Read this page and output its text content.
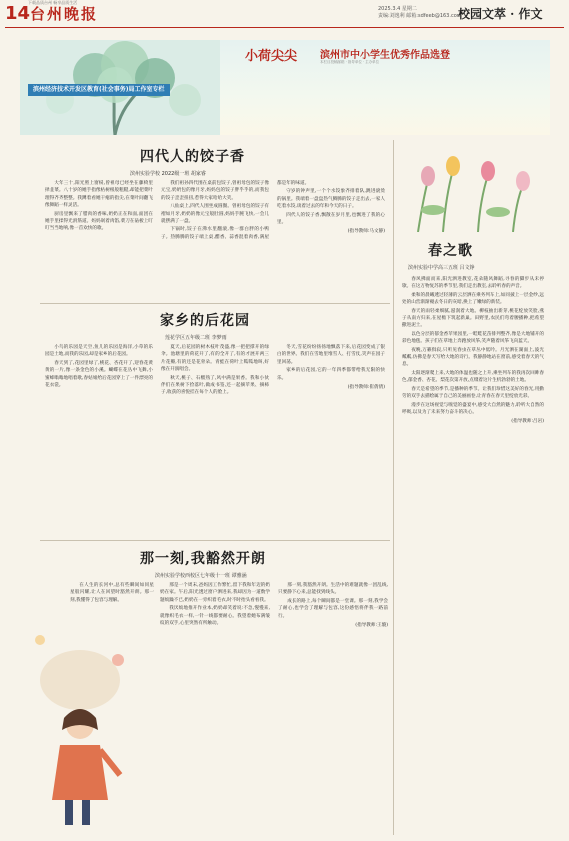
下载品质台州 畅享品质生活
14 台州晚报	2025.3.4 星期二
责编:刘逸利 邮箱:sdfeeb@163.com
校园文萃 · 作文
小荷尖尖 滨州市中小学生优秀作品选登
本栏目投稿邮箱 · 指导单位 · 主办单位
滨州经济技术开发区教育(社会事务)局工作室专栏
四代人的饺子香
滨州实验学校 2022级一班 胡家睿

大年三十,阳光照上窗棂,曾祖母已经坐在藤椅里择韭菜。八十岁的她手指像枯树根般粗糙,却能把菜叶理得齐齐整整。我蹲着看她干瘪的指尖,在菜叶间翻飞像舞蹈一样灵活。

厨房里飘来了腊肉的香味,奶奶正在和面,面团在她手里揉得光滑筋道。妈妈剁着肉馅,菜刀在砧板上叮叮当当地响,像一首欢快的歌。

我们祖孙四代围在桌前包饺子,曾祖母包的饺子像元宝,奶奶包的像月牙,妈妈包的饺子胖乎乎的,而我包的饺子歪歪扭扭,惹得大家哈哈大笑。

八仙桌上,四代人围坐成圆圈。曾祖母包的饺子有褶如月牙,奶奶的像元宝般肚圆,妈妈手腕飞快,一会儿就摆满了一盘。

下锅时,饺子在沸水里翻滚,像一群白胖的小鸭子。热腾腾的饺子端上桌,醋香、蒜香混着肉香,满屋都是年的味道。

守岁的钟声里,一个个水饺象齐排着队,跳进滚烫的锅里。我端着一盘盘热气腾腾的饺子走出去,一家人吃着水饺,谈着过去的年和今天的日子。

四代人的饺子香,飘散在岁月里,也飘进了我的心里。

(指导教师:马文静)
家乡的后花园
莲花学区五年级二班 李梦雨

小鸟的乐园是天空,鱼儿的乐园是海洋,小草的乐园是土地,而我的乐园,却是家乡的后花园。

春天到了,花园里绿了,桃花、杏花开了,迎春花黄黄的一片,像一条金色的小溪。蝴蝶在花丛中飞舞,小蜜蜂嗡嗡地唱着歌,春姑娘给后花园穿上了一件漂亮的花衣裳。

夏天,后花园的树木枝叶茂盛,像一把把撑开的绿伞。池塘里的荷花开了,有的全开了,有的才展开两三片花瓣,有的还是花骨朵。青蛙在荷叶上呱呱地叫,好像在开演唱会。

秋天,桃子、石榴熟了,风中满是果香。我和小伙伴们在果树下捡落叶,做成书签,还一起摘苹果、摘柿子,收获的喜悦挂在每个人的脸上。

冬天,雪花纷纷扬扬地飘落下来,后花园变成了银白的世界。我们在雪地里堆雪人、打雪仗,笑声在园子里回荡。

家乡的后花园,它的一年四季都带给我无限的快乐。

(指导教师:崔倩倩)
那一刻,我豁然开朗
滨州实验学校西校区七年级十一班 谭雅涵

在人生的长河中,总有些瞬间如同星星般闪耀,让人在回望时豁然开朗。那一刻,我懂得了包容与理解。

那是一个周末,爸妈因工作繁忙,留下我和年迈的奶奶在家。午后,阳光透过窗户洒进来,我却因为一道数学题烦躁不已,奶奶在一旁织着毛衣,时不时抬头看看我。

我厌烦地推开作业本,奶奶却笑着说:不急,慢慢来,就像织毛衣一样,一针一线都要耐心。我望着她布满皱纹的双手,心里突然有所触动。

那一刻,我豁然开朗。生活中的难题就像一团乱线,只要静下心来,总能找到线头。

成长的路上,每个瞬间都是一堂课。那一刻,我学会了耐心,也学会了理解与包容,这份感悟将伴我一路前行。

(指导教师:王璇)
春之歌
滨州实验中学高三五班 吕文铮

春风拂面而来,阳光洒进教室,花朵随风舞蹈,寻春的脚步从未停歇。在这万物复苏的季节里,我们走出教室,去聆听春的声音。

柔和的晨曦透过轻薄的云层洒在乘务列车上,如同披上一层金纱,远处的山峦渐渐褪去冬日的灰暗,换上了嫩绿的新装。

春天的雨轻柔细腻,滋润着大地。柳枝抽出新芽,桃花绽放笑脸,燕子从南方归来,在屋檐下筑起新巢。田野里,农民们弯着腰播种,把希望撒进泥土。

以色分层的郁金香苹果园里,一畦畦花苗排列整齐,像是大地铺开的彩色地毯。孩子们在草地上奔跑放风筝,笑声随着风筝飞向蓝天。

夜晚,万籁俱寂,只听见春虫在草丛中低吟。月光洒在湖面上,波光粼粼,仿佛是春天写给大地的诗行。我静静地站在窗前,感受着春天的气息。

太阳逐渐爬上来,大地的体温也随之上升,乘坐列车的我再次回眸春色,郁金香、杏花、梨花次第开放,点缀着这片生机勃勃的土地。

春天是希望的季节,是播种的季节。让我们珍惜这美好的春光,用勤劳的双手去描绘属于自己的美丽画卷,让青春在春天里绽放光彩。

漫步在这场视觉与嗅觉的盛宴中,感受大自然的魅力,聆听大自然的呼吸,以及为了未来努力奋斗的决心。

(指导教师:吕岩)
